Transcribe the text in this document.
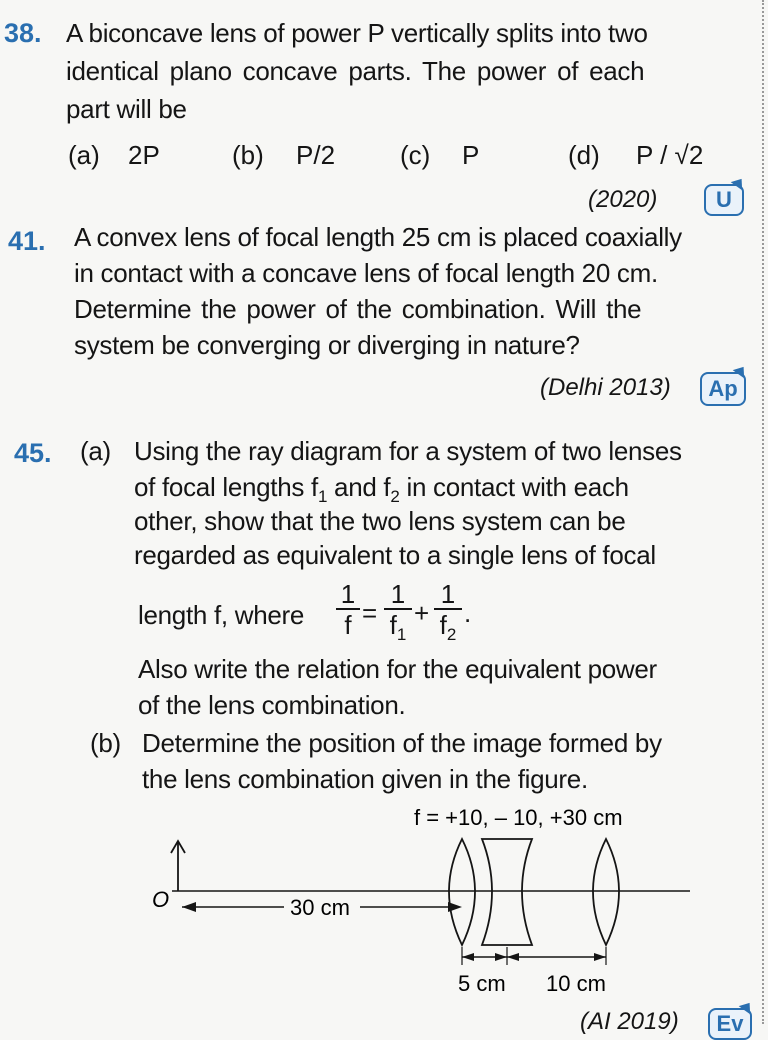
38. A biconcave lens of power P vertically splits into two
identical plano concave parts. The power of each
part will be
(a) 2P	(b) P/2 (c) P	(d) P / √2
(2020)	U
41. A convex lens of focal length 25 cm is placed coaxially
in contact with a concave lens of focal length 20 cm.
Determine the power of the combination. Will the
system be converging or diverging in nature?
(Delhi 2013)	Ap
45. (a) Using the ray diagram for a system of two lenses
of focal lengths $f_1$ and $f_2$ in contact with each
other, show that the two lens system can be
regarded as equivalent to a single lens of focal
length f, where $\frac{1}{f} = \frac{1}{f_1} + \frac{1}{f_2}$ .
Also write the relation for the equivalent power
of the lens combination.
(b) Determine the position of the image formed by
the lens combination given in the figure.
f = +10, – 10, +30 cm
O	30 cm
5 cm 10 cm
(AI 2019)	Ev
